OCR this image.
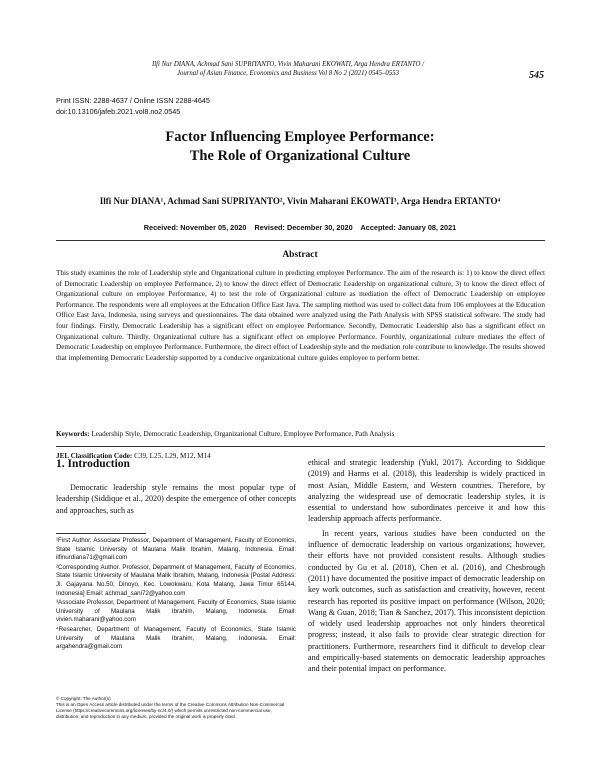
Ilfi Nur DIANA, Achmad Sani SUPRIYANTO, Vivin Maharani EKOWATI, Arga Hendra ERTANTO /
Journal of Asian Finance, Economics and Business Vol 8 No 2 (2021) 0545–0553	545
Print ISSN: 2288-4637 / Online ISSN 2288-4645
doi:10.13106/jafeb.2021.vol8.no2.0545
Factor Influencing Employee Performance:
The Role of Organizational Culture
Ilfi Nur DIANA¹, Achmad Sani SUPRIYANTO², Vivin Maharani EKOWATI³, Arga Hendra ERTANTO⁴
Received: November 05, 2020    Revised: December 30, 2020    Accepted: January 08, 2021
Abstract
This study examines the role of Leadership style and Organizational culture in predicting employee Performance. The aim of the research is: 1) to know the direct effect of Democratic Leadership on employee Performance, 2) to know the direct effect of Democratic Leadership on organizational culture, 3) to know the direct effect of Organizational culture on employee Performance, 4) to test the role of Organizational culture as mediation the effect of Democratic Leadership on employee Performance. The respondents were all employees at the Education Office East Java. The sampling method was used to collect data from 106 employees at the Education Office East Java, Indonesia, using surveys and questionnaires. The data obtained were analyzed using the Path Analysis with SPSS statistical software. The study had four findings. Firstly, Democratic Leadership has a significant effect on employee Performance. Secondly, Democratic Leadership also has a significant effect on Organizational culture. Thirdly, Organizational culture has a significant effect on employee Performance. Fourthly, organizational culture mediates the effect of Democratic Leadership on employee Performance. Furthermore, the direct effect of Leadership style and the mediation role contribute to knowledge. The results showed that implementing Democratic Leadership supported by a conducive organizational culture guides employee to perform better.
Keywords: Leadership Style, Democratic Leadership, Organizational Culture, Employee Performance, Path Analysis
JEL Classification Code: C39, L25, L29, M12, M14
1. Introduction

Democratic leadership style remains the most popular type of leadership (Siddique et al., 2020) despite the emergence of other concepts and approaches, such as

ethical and strategic leadership (Yukl, 2017). According to Siddique (2019) and Harms et al. (2018), this leadership is widely practiced in most Asian, Middle Eastern, and Western countries. Therefore, by analyzing the widespread use of democratic leadership styles, it is essential to understand how subordinates perceive it and how this leadership approach affects performance.

In recent years, various studies have been conducted on the influence of democratic leadership on various organizations; however, their efforts have not provided consistent results. Although studies conducted by Gu et al. (2018), Chen et al. (2016), and Chesbrough (2011) have documented the positive impact of democratic leadership on key work outcomes, such as satisfaction and creativity, however, recent research has reported its positive impact on performance (Wilson, 2020; Wang & Guan, 2018; Tian & Sanchez, 2017). This inconsistent depiction of widely used leadership approaches not only hinders theoretical progress; instead, it also fails to provide clear strategic direction for practitioners. Furthermore, researchers find it difficult to develop clear and empirically-based statements on democratic leadership approaches and their potential impact on performance.

¹First Author. Associate Professor, Department of Management, Faculty of Economics, State Islamic University of Maulana Malik Ibrahim, Malang, Indonesia. Email: ilfinurdiana71@gmail.com

²Corresponding Author. Professor, Department of Management, Faculty of Economics, State Islamic University of Maulana Malik Ibrahim, Malang, Indonesia [Postal Address: Jl. Gajayana No.50, Dinoyo, Kec. Lowokwaru, Kota Malang, Jawa Timur 65144, Indonesia] Email: achmad_sani72@yahoo.com

³Associate Professor, Department of Management, Faculty of Economics, State Islamic University of Maulana Malik Ibrahim, Malang, Indonesia. Email: vivien.maharani@yahoo.com

⁴Researcher, Department of Management, Faculty of Economics, State Islamic University of Maulana Malik Ibrahim, Malang, Indonesia. Email: argahendra@gmail.com

© Copyright: The Author(s)
This is an Open Access article distributed under the terms of the Creative Commons Attribution Non-Commercial License (https://creativecommons.org/licenses/by-nc/4.0/) which permits unrestricted non-commercial use, distribution, and reproduction in any medium, provided the original work is properly cited.
